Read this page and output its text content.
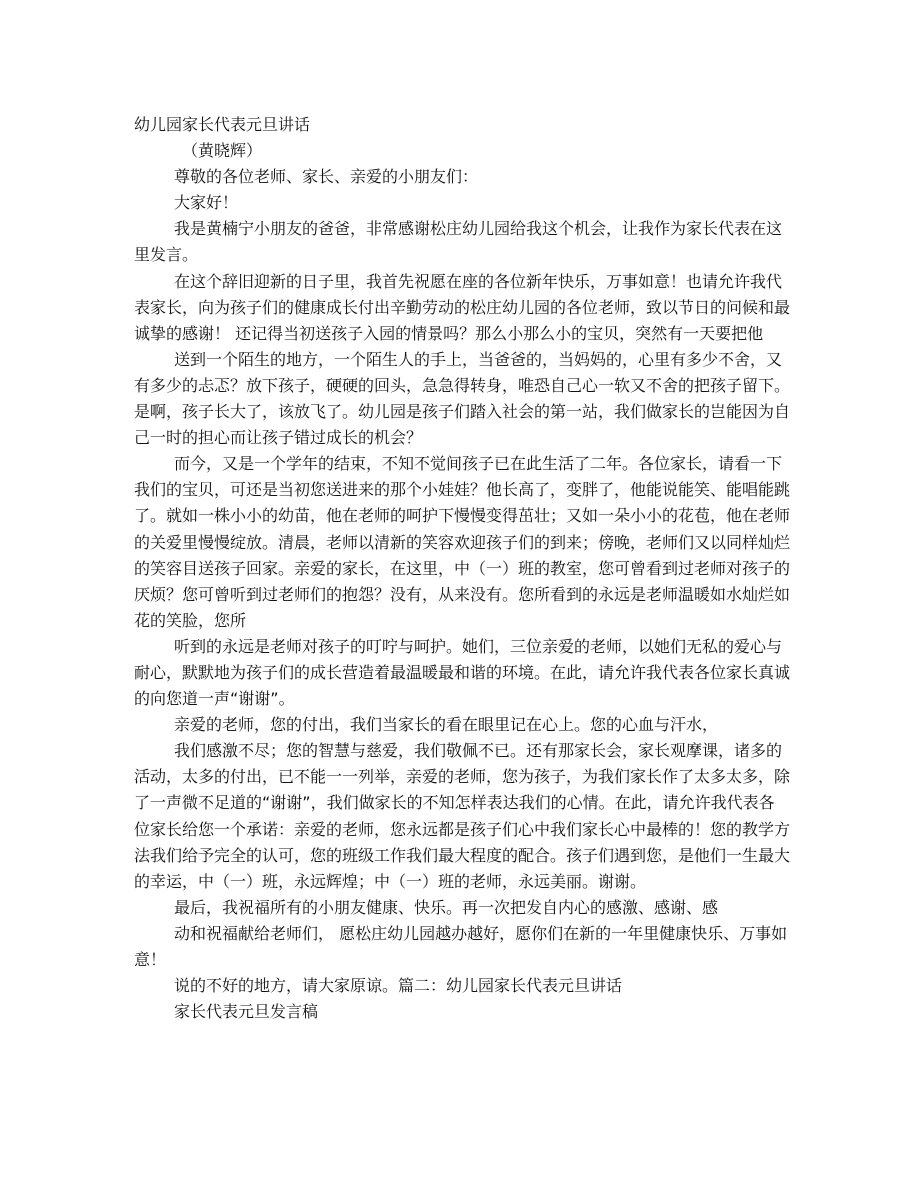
幼儿园家长代表元旦讲话
（黄晓辉）
尊敬的各位老师、家长、亲爱的小朋友们：
大家好！
我是黄楠宁小朋友的爸爸，非常感谢松庄幼儿园给我这个机会，让我作为家长代表在这
里发言。
在这个辞旧迎新的日子里，我首先祝愿在座的各位新年快乐，万事如意！也请允许我代
表家长，向为孩子们的健康成长付出辛勤劳动的松庄幼儿园的各位老师，致以节日的问候和最
诚挚的感谢！ 还记得当初送孩子入园的情景吗？那么小那么小的宝贝，突然有一天要把他
送到一个陌生的地方，一个陌生人的手上，当爸爸的，当妈妈的，心里有多少不舍，又
有多少的忐忑？放下孩子，硬硬的回头，急急得转身，唯恐自己心一软又不舍的把孩子留下。
是啊，孩子长大了，该放飞了。幼儿园是孩子们踏入社会的第一站，我们做家长的岂能因为自
己一时的担心而让孩子错过成长的机会？
而今，又是一个学年的结束，不知不觉间孩子已在此生活了二年。各位家长，请看一下
我们的宝贝，可还是当初您送进来的那个小娃娃？他长高了，变胖了，他能说能笑、能唱能跳
了。就如一株小小的幼苗，他在老师的呵护下慢慢变得茁壮；又如一朵小小的花苞，他在老师
的关爱里慢慢绽放。清晨，老师以清新的笑容欢迎孩子们的到来；傍晚，老师们又以同样灿烂
的笑容目送孩子回家。亲爱的家长，在这里，中（一）班的教室，您可曾看到过老师对孩子的
厌烦？您可曾听到过老师们的抱怨？没有，从来没有。您所看到的永远是老师温暖如水灿烂如
花的笑脸，您所
听到的永远是老师对孩子的叮咛与呵护。她们，三位亲爱的老师，以她们无私的爱心与
耐心，默默地为孩子们的成长营造着最温暖最和谐的环境。在此，请允许我代表各位家长真诚
的向您道一声“谢谢”。
亲爱的老师，您的付出，我们当家长的看在眼里记在心上。您的心血与汗水，
我们感激不尽；您的智慧与慈爱，我们敬佩不已。还有那家长会，家长观摩课，诸多的
活动，太多的付出，已不能一一列举，亲爱的老师，您为孩子，为我们家长作了太多太多，除
了一声微不足道的“谢谢”，我们做家长的不知怎样表达我们的心情。在此，请允许我代表各
位家长给您一个承诺：亲爱的老师，您永远都是孩子们心中我们家长心中最棒的！您的教学方
法我们给予完全的认可，您的班级工作我们最大程度的配合。孩子们遇到您，是他们一生最大
的幸运，中（一）班，永远辉煌；中（一）班的老师，永远美丽。谢谢。
最后，我祝福所有的小朋友健康、快乐。再一次把发自内心的感激、感谢、感
动和祝福献给老师们， 愿松庄幼儿园越办越好，愿你们在新的一年里健康快乐、万事如
意！
说的不好的地方，请大家原谅。篇二：幼儿园家长代表元旦讲话
家长代表元旦发言稿
